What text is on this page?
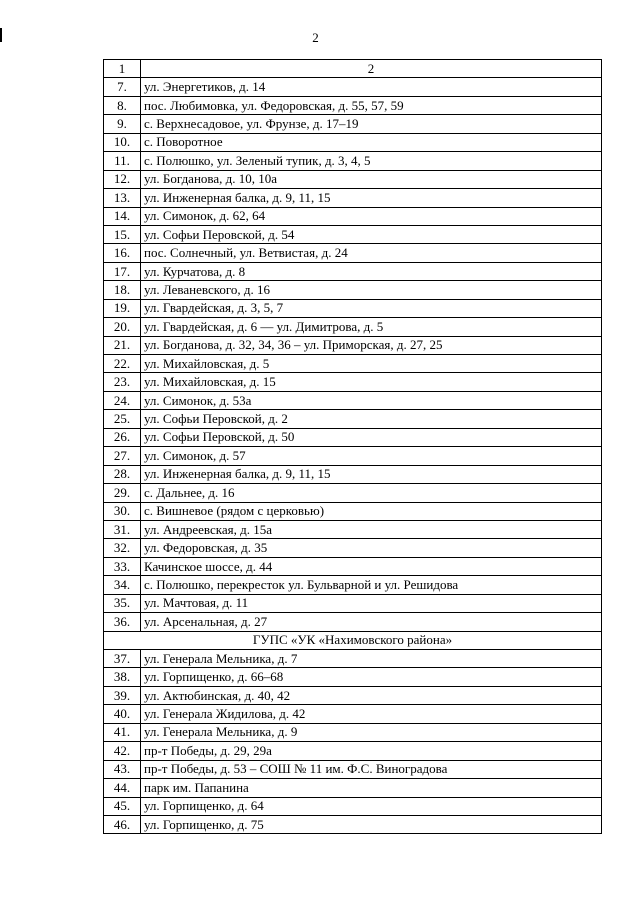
2
1	2
7.	ул. Энергетиков, д. 14
8.	пос. Любимовка, ул. Федоровская, д. 55, 57, 59
9.	с. Верхнесадовое, ул. Фрунзе, д. 17–19
10.	с. Поворотное
11.	с. Полюшко, ул. Зеленый тупик, д. 3, 4, 5
12.	ул. Богданова, д. 10, 10а
13.	ул. Инженерная балка, д. 9, 11, 15
14.	ул. Симонок, д. 62, 64
15.	ул. Софьи Перовской, д. 54
16.	пос. Солнечный, ул. Ветвистая, д. 24
17.	ул. Курчатова, д. 8
18.	ул. Леваневского, д. 16
19.	ул. Гвардейская, д. 3, 5, 7
20.	ул. Гвардейская, д. 6 — ул. Димитрова, д. 5
21.	ул. Богданова, д. 32, 34, 36 – ул. Приморская, д. 27, 25
22.	ул. Михайловская, д. 5
23.	ул. Михайловская, д. 15
24.	ул. Симонок, д. 53а
25.	ул. Софьи Перовской, д. 2
26.	ул. Софьи Перовской, д. 50
27.	ул. Симонок, д. 57
28.	ул. Инженерная балка, д. 9, 11, 15
29.	с. Дальнее, д. 16
30.	с. Вишневое (рядом с церковью)
31.	ул. Андреевская, д. 15а
32.	ул. Федоровская, д. 35
33.	Качинское шоссе, д. 44
34.	с. Полюшко, перекресток ул. Бульварной и ул. Решидова
35.	ул. Мачтовая, д. 11
36.	ул. Арсенальная, д. 27
ГУПС «УК «Нахимовского района»	
37.	ул. Генерала Мельника, д. 7
38.	ул. Горпищенко, д. 66–68
39.	ул. Актюбинская, д. 40, 42
40.	ул. Генерала Жидилова, д. 42
41.	ул. Генерала Мельника, д. 9
42.	пр-т Победы, д. 29, 29а
43.	пр-т Победы, д. 53 – СОШ № 11 им. Ф.С. Виноградова
44.	парк им. Папанина
45.	ул. Горпищенко, д. 64
46.	ул. Горпищенко, д. 75
